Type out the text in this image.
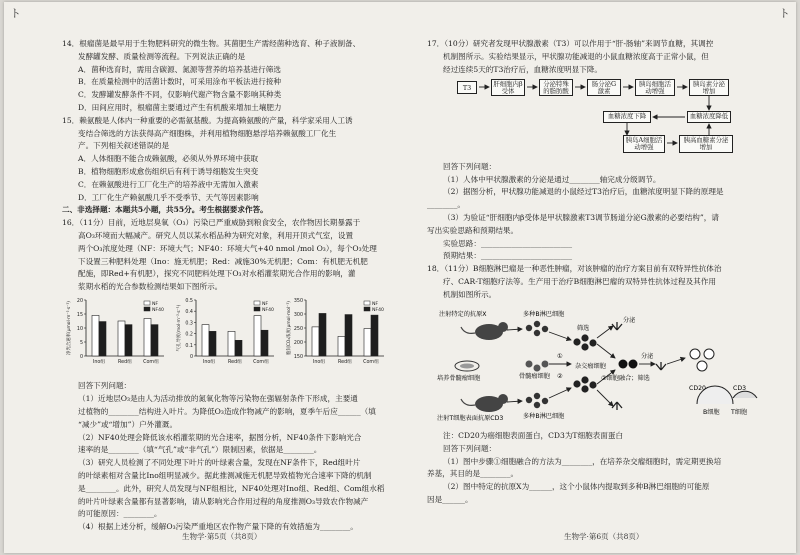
ト	ト

14．根瘤菌是最早用于生物肥料研究的微生物。其菌肥生产需经菌种选育、种子液制备、

发酵罐发酵、质量检测等流程。下列说法正确的是

A．菌种选育时，需用含碳源、氮源等营养的培养基进行筛选

B．在质量检测中的活菌计数时，可采用涂布平板法进行接种

C．发酵罐发酵条件不同，仅影响代谢产物含量不影响其种类

D．田间应用时，根瘤菌主要通过产生有机酸来增加土壤肥力

15．赖氨酸是人体内一种重要的必需氨基酸。为提高赖氨酸的产量，科学家采用人工诱

变结合筛选的方法获得高产细胞株，并利用植物细胞悬浮培养赖氨酸工厂化生

产。下列相关叙述错误的是

A．人体细胞不能合成赖氨酸，必须从外界环境中获取

B．植物细胞形成愈伤组织后有利于诱导细胞发生突变

C．在赖氨酸进行工厂化生产的培养液中无需加入激素

D．工厂化生产赖氨酸几乎不受季节、天气等因素影响

二、非选择题：本题共5小题，共55分。考生根据要求作答。

16．（11分）目前，近地层臭氧（O₃）污染已严重威胁到粮食安全，农作物因长期暴露于

高O₃环境而大幅减产。研究人员以某水稻品种为研究对象，利用开顶式气室，设置

两个O₃浓度处理（NF：环境大气；NF40：环境大气+40 nmol /mol O₃），每个O₃处理

下设置三种肥料处理（Ino：施无机肥；Red：减施30%无机肥；Com：有机肥无机肥

配施，即Red+有机肥），探究不同肥料处理下O₃对水稻灌浆期光合作用的影响，灌

浆期水稻的光合参数检测结果如下图所示。

0
5
10
15
20
净光合速率(μmol·m⁻²·s⁻¹)
Ino组	Red组 Com组
NF
NF40
0
0.1
0.2
0.3
0.4
0.5
气孔导度(mol·m⁻²·s⁻¹)
Ino组	Red组 Com组
NF
NF40
150
200
250
300
350
胞间CO₂浓度(μmol·mol⁻¹)
Ino组	Red组 Com组
NF
NF40

回答下列问题：

（1）近地层O₃是由人为活动排放的氮氧化物等污染物在强辐射条件下形成，主要通

过植物的________结构进入叶片。为降低O₃造成作物减产的影响，夏季午后应______（填

“减少”或“增加”）户外灌溉。

（2）NF40处理会降低该水稻灌浆期的光合速率，据图分析，NF40条件下影响光合

速率的是________（填“气孔”或“非气孔”）限制因素，依据是________。

（3）研究人员检测了不同处理下叶片的叶绿素含量，发现在NF条件下，Red组叶片

的叶绿素相对含量比Ino组明显减少。据此推测减施无机肥导致植物光合速率下降的机制

是________。此外，研究人员发现与NF组相比，NF40处理对Ino组、Red组、Com组水稻

的叶片叶绿素含量都有显著影响，请从影响光合作用过程的角度推测O₃导致农作物减产

的可能原因：________。

（4）根据上述分析，缓解O₃污染严重地区农作物产量下降的有效措施为________。

生物学·第5页（共8页）

17．（10分）研究者发现甲状腺激素（T3）可以作用于“肝-肠轴”来调节血糖，其调控

机制图所示。实验结果显示，甲状腺功能减退的小鼠血糖浓度高于正常小鼠，但

经过连续5天的T3治疗后，血糖浓度明显下降。

T3	肝细胞内β受体
分泌特殊的脂肪酸
肠分泌G激素
胰岛细胞活动增强
胰岛素分泌增加
血糖浓度降低
血糖浓度下降
胰岛A细胞活动增强
胰高血糖素分泌增加

回答下列问题：

（1）人体中甲状腺激素的分泌是通过________轴完成分级调节。

（2）据图分析，甲状腺功能减退的小鼠经过T3治疗后，血糖浓度明显下降的原理是

________。

（3）为验证“肝细胞内β受体是甲状腺激素T3调节肠道分泌G激素的必要结构”，请

写出实验思路和预期结果。

实验思路：________________________

预期结果：________________________

18．（11分）B细胞淋巴瘤是一种恶性肿瘤，对该肿瘤的治疗方案目前有双特异性抗体治

疗、CAR-T细胞疗法等。生产用于治疗B细胞淋巴瘤的双特异性抗体过程及其作用

机制如图所示。

注射特定的抗原X	多种B淋巴细胞
培养骨髓瘤细胞	骨髓瘤细胞
注射T细胞表面抗原CD3	多种B淋巴细胞
①
②
筛选
②细胞融合；筛选
杂交瘤细胞
分泌
分泌
CD20	CD3
T细胞
B细胞

注：CD20为癌细胞表面蛋白，CD3为T细胞表面蛋白

回答下列问题：

（1）图中步骤①细胞融合的方法为________，在培养杂交瘤细胞时，需定期更换培

养基，其目的是________。

（2）图中特定的抗原X为______，这个小鼠体内提取到多种B淋巴细胞的可能原

因是______。

生物学·第6页（共8页）
